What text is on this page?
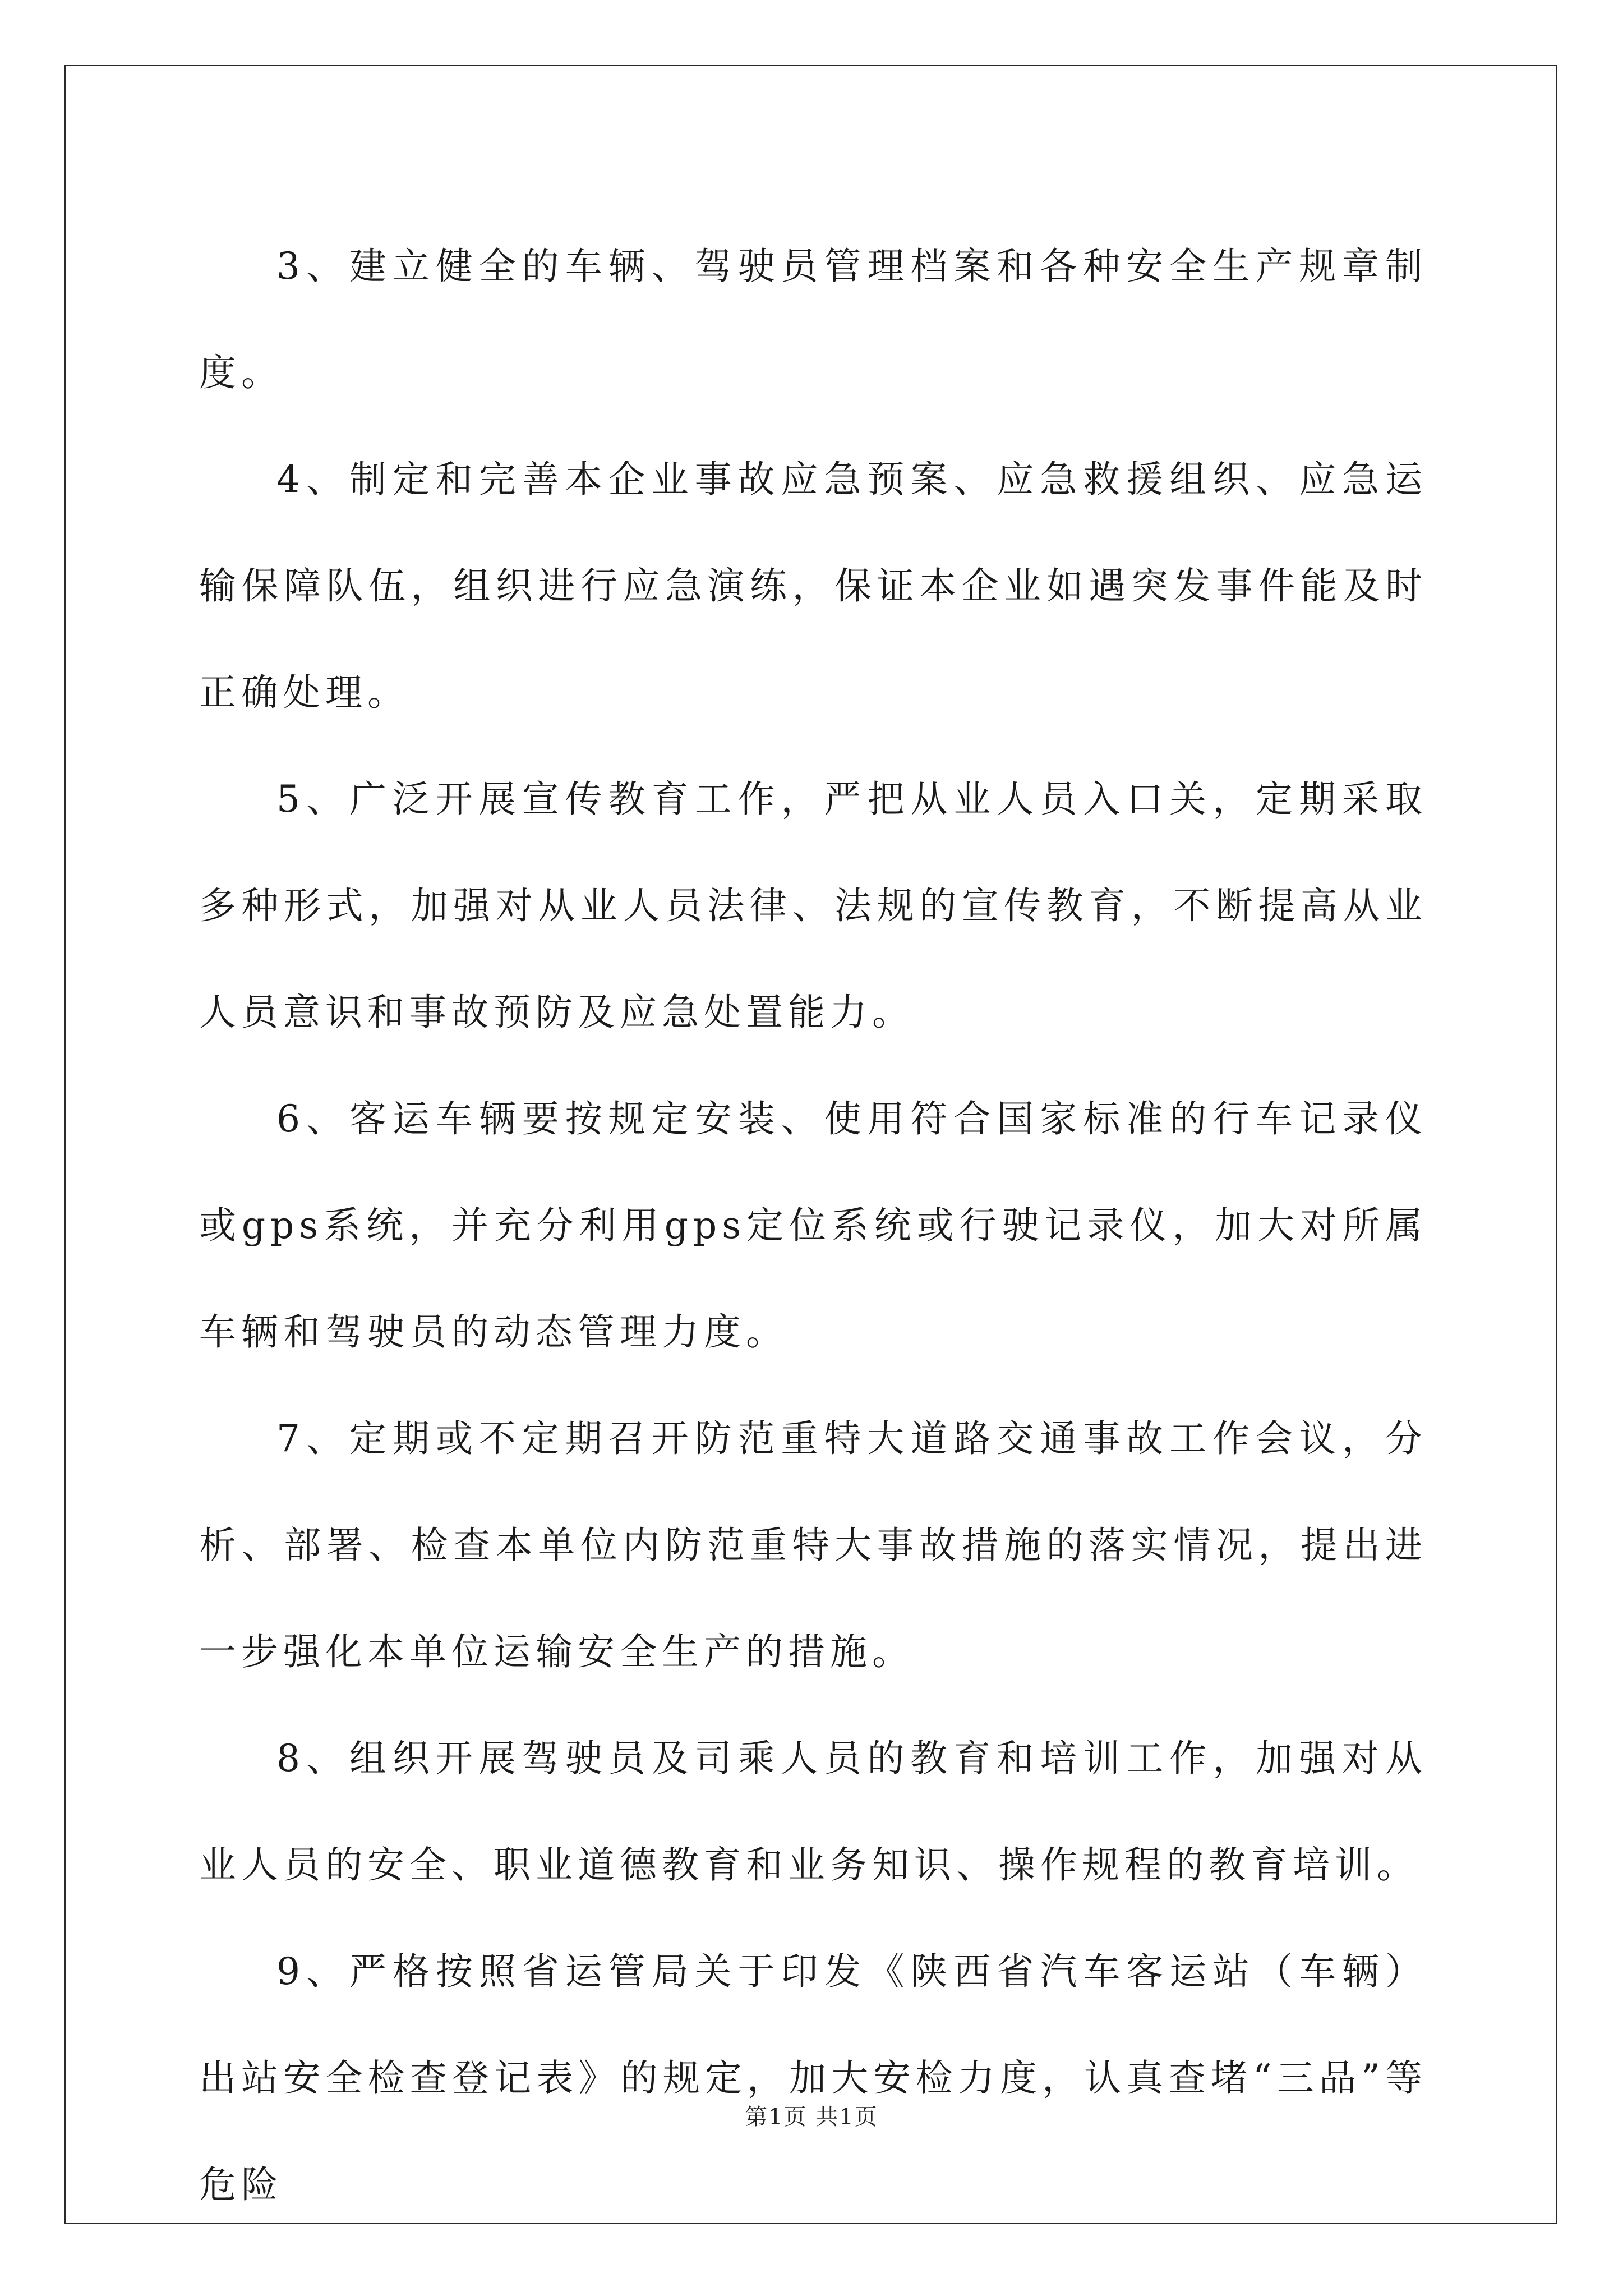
3、建立健全的车辆、驾驶员管理档案和各种安全生产规章制度。

4、制定和完善本企业事故应急预案、应急救援组织、应急运输保障队伍，组织进行应急演练，保证本企业如遇突发事件能及时正确处理。

5、广泛开展宣传教育工作，严把从业人员入口关，定期采取多种形式，加强对从业人员法律、法规的宣传教育，不断提高从业人员意识和事故预防及应急处置能力。

6、客运车辆要按规定安装、使用符合国家标准的行车记录仪或gps系统，并充分利用gps定位系统或行驶记录仪，加大对所属车辆和驾驶员的动态管理力度。

7、定期或不定期召开防范重特大道路交通事故工作会议，分析、部署、检查本单位内防范重特大事故措施的落实情况，提出进一步强化本单位运输安全生产的措施。

8、组织开展驾驶员及司乘人员的教育和培训工作，加强对从业人员的安全、职业道德教育和业务知识、操作规程的教育培训。

9、严格按照省运管局关于印发《陕西省汽车客运站（车辆）出站安全检查登记表》的规定，加大安检力度，认真查堵“三品”等危险

第1页 共1页
